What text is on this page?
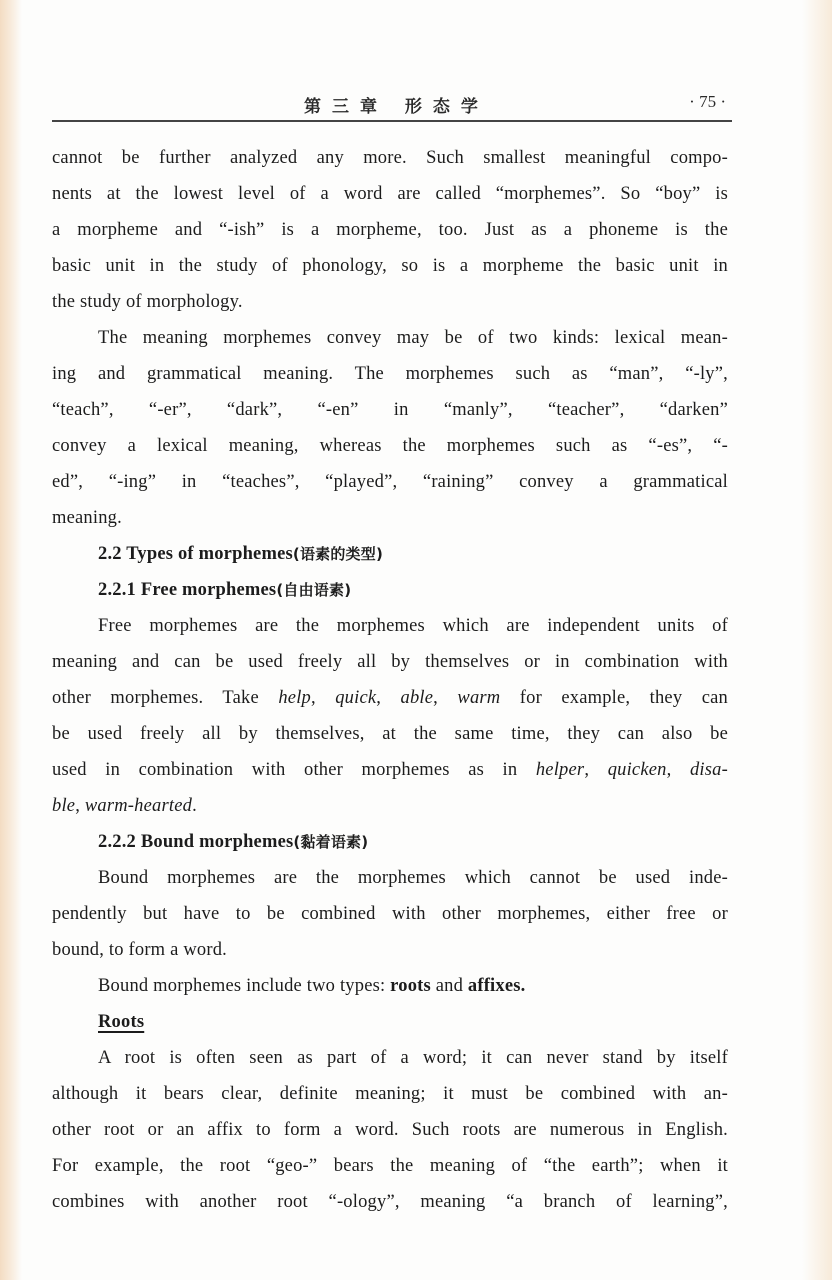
第三章 形态学	· 75 ·
cannot be further analyzed any more. Such smallest meaningful compo-
nents at the lowest level of a word are called “morphemes”. So “boy” is
a morpheme and “-ish” is a morpheme, too. Just as a phoneme is the
basic unit in the study of phonology, so is a morpheme the basic unit in
the study of morphology.
The meaning morphemes convey may be of two kinds: lexical mean-
ing and grammatical meaning. The morphemes such as “man”, “-ly”,
“teach”, “-er”, “dark”, “-en” in “manly”, “teacher”, “darken”
convey a lexical meaning, whereas the morphemes such as “-es”, “-
ed”, “-ing” in “teaches”, “played”, “raining” convey a grammatical
meaning.
2.2 Types of morphemes(语素的类型)
2.2.1 Free morphemes(自由语素)
Free morphemes are the morphemes which are independent units of
meaning and can be used freely all by themselves or in combination with
other morphemes. Take help, quick, able, warm for example, they can
be used freely all by themselves, at the same time, they can also be
used in combination with other morphemes as in helper, quicken, disa-
ble, warm-hearted.
2.2.2 Bound morphemes(黏着语素)
Bound morphemes are the morphemes which cannot be used inde-
pendently but have to be combined with other morphemes, either free or
bound, to form a word.
Bound morphemes include two types: roots and affixes.
Roots
A root is often seen as part of a word; it can never stand by itself
although it bears clear, definite meaning; it must be combined with an-
other root or an affix to form a word. Such roots are numerous in English.
For example, the root “geo-” bears the meaning of “the earth”; when it
combines with another root “-ology”, meaning “a branch of learning”,
